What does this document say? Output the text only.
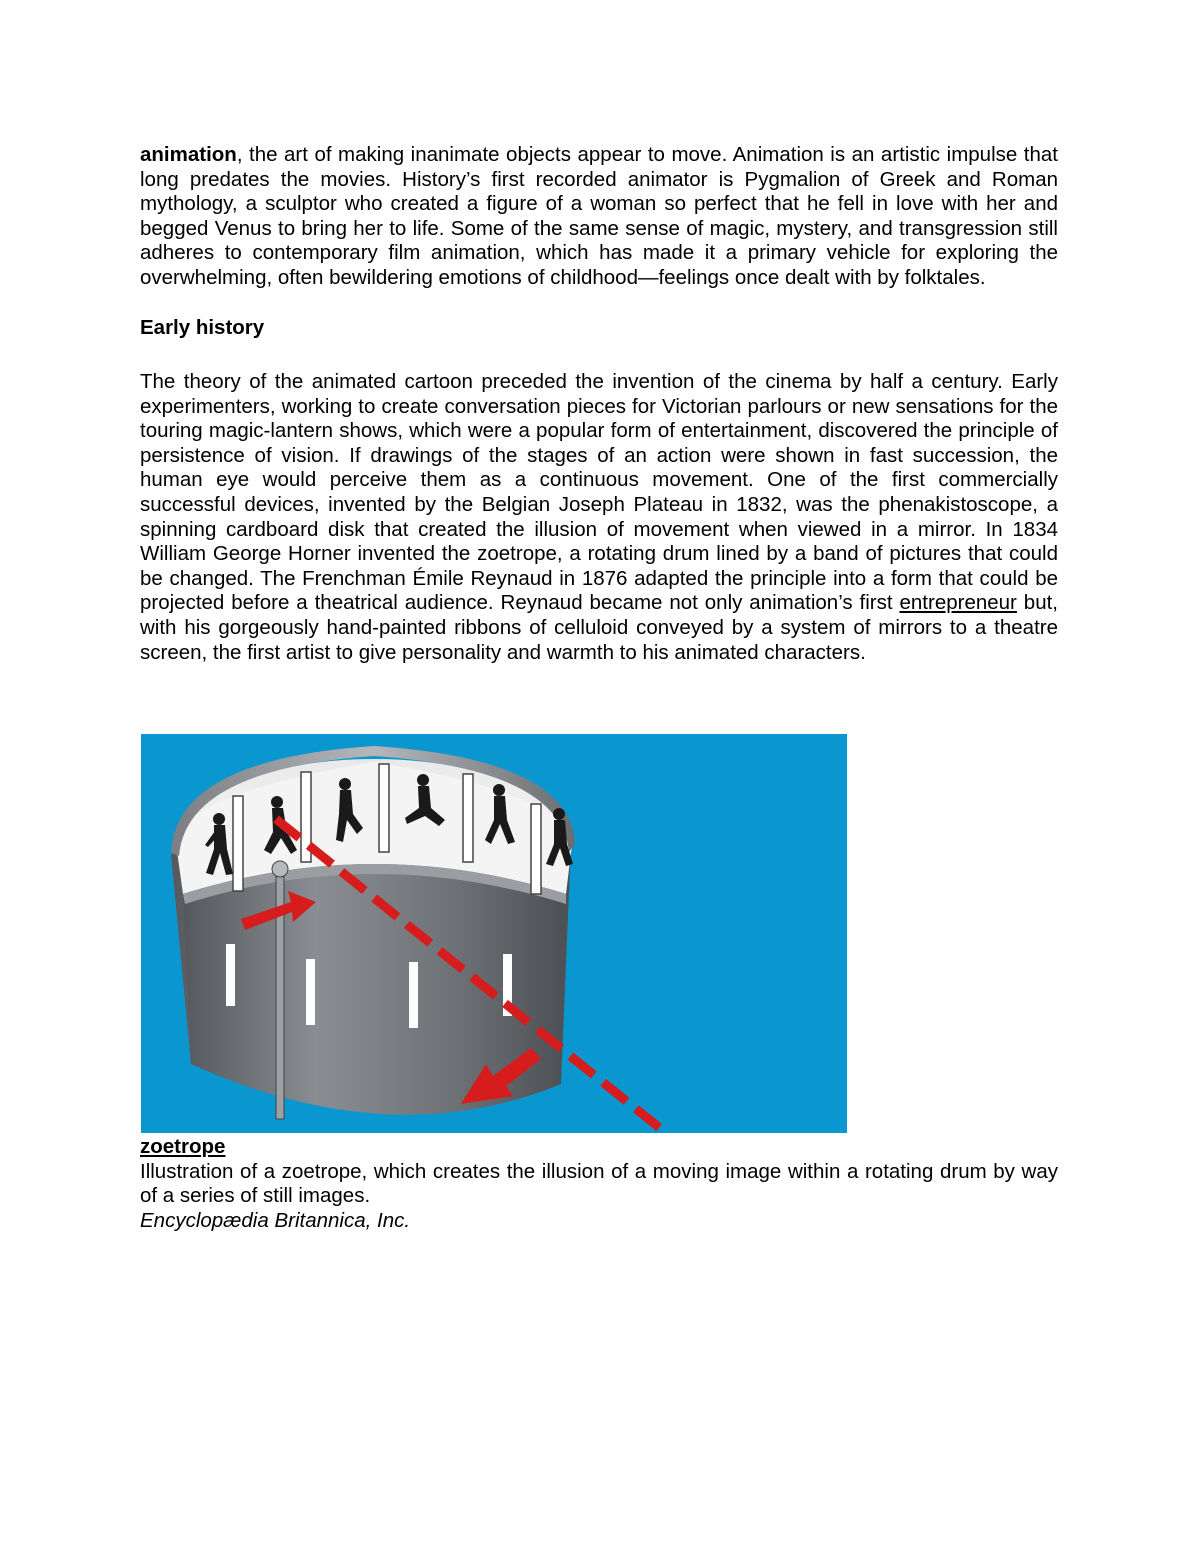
animation, the art of making inanimate objects appear to move. Animation is an artistic impulse that long predates the movies. History’s first recorded animator is Pygmalion of Greek and Roman mythology, a sculptor who created a figure of a woman so perfect that he fell in love with her and begged Venus to bring her to life. Some of the same sense of magic, mystery, and transgression still adheres to contemporary film animation, which has made it a primary vehicle for exploring the overwhelming, often bewildering emotions of childhood—feelings once dealt with by folktales.
Early history
The theory of the animated cartoon preceded the invention of the cinema by half a century. Early experimenters, working to create conversation pieces for Victorian parlours or new sensations for the touring magic-lantern shows, which were a popular form of entertainment, discovered the principle of persistence of vision. If drawings of the stages of an action were shown in fast succession, the human eye would perceive them as a continuous movement. One of the first commercially successful devices, invented by the Belgian Joseph Plateau in 1832, was the phenakistoscope, a spinning cardboard disk that created the illusion of movement when viewed in a mirror. In 1834 William George Horner invented the zoetrope, a rotating drum lined by a band of pictures that could be changed. The Frenchman Émile Reynaud in 1876 adapted the principle into a form that could be projected before a theatrical audience. Reynaud became not only animation’s first entrepreneur but, with his gorgeously hand-painted ribbons of celluloid conveyed by a system of mirrors to a theatre screen, the first artist to give personality and warmth to his animated characters.
zoetrope
Illustration of a zoetrope, which creates the illusion of a moving image within a rotating drum by way of a series of still images.
Encyclopædia Britannica, Inc.
